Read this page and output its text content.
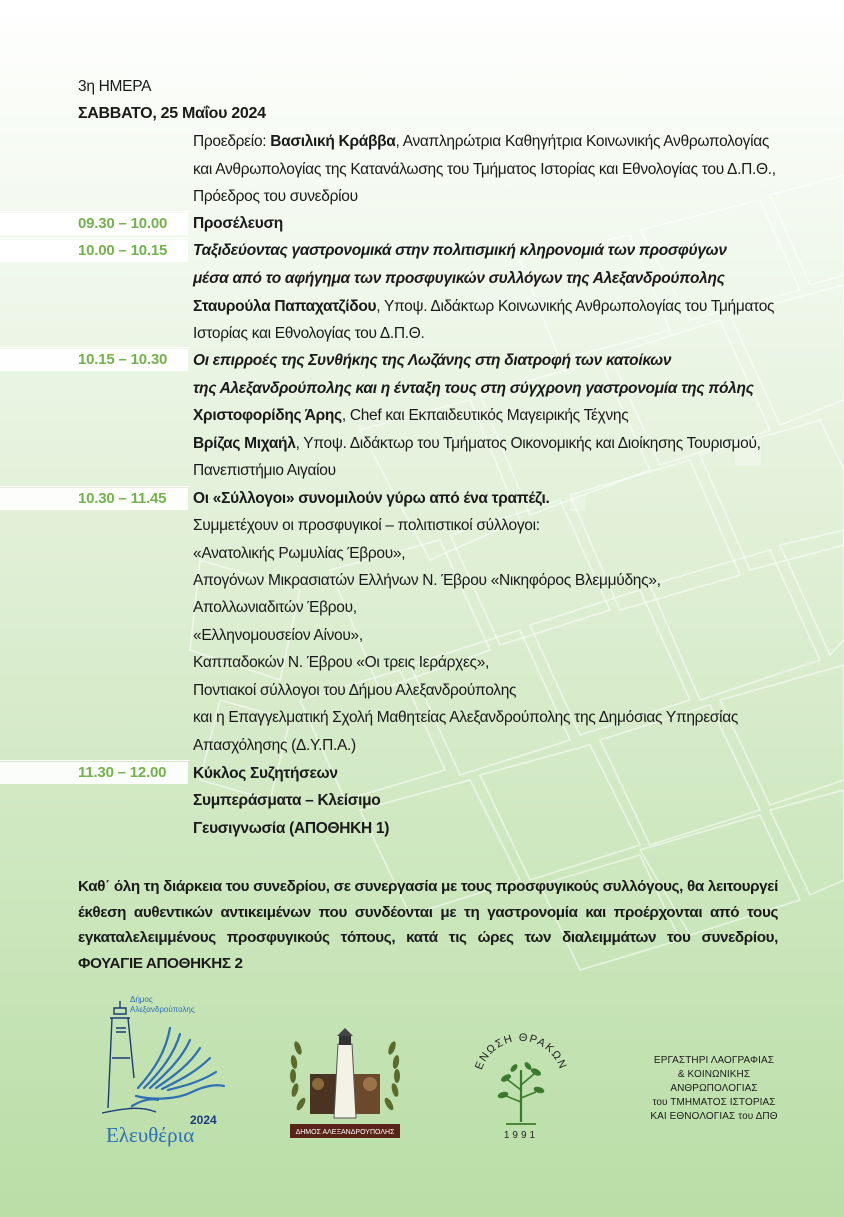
3η ΗΜΕΡΑ
ΣΑΒΒΑΤΟ, 25 Μαΐου 2024
Προεδρείο: Βασιλική Κράββα, Αναπληρώτρια Καθηγήτρια Κοινωνικής Ανθρωπολογίας
και Ανθρωπολογίας της Κατανάλωσης του Τμήματος Ιστορίας και Εθνολογίας του Δ.Π.Θ.,
Πρόεδρος του συνεδρίου
09.30 – 10.00 Προσέλευση
10.00 – 10.15 Ταξιδεύοντας γαστρονομικά στην πολιτισμική κληρονομιά των προσφύγων
μέσα από το αφήγημα των προσφυγικών συλλόγων της Αλεξανδρούπολης
Σταυρούλα Παπαχατζίδου, Υποψ. Διδάκτωρ Κοινωνικής Ανθρωπολογίας του Τμήματος
Ιστορίας και Εθνολογίας του Δ.Π.Θ.
10.15 – 10.30 Οι επιρροές της Συνθήκης της Λωζάνης στη διατροφή των κατοίκων
της Αλεξανδρούπολης και η ένταξη τους στη σύγχρονη γαστρονομία της πόλης
Χριστοφορίδης Άρης, Chef και Εκπαιδευτικός Μαγειρικής Τέχνης
Βρίζας Μιχαήλ, Υποψ. Διδάκτωρ του Τμήματος Οικονομικής και Διοίκησης Τουρισμού,
Πανεπιστήμιο Αιγαίου
10.30 – 11.45 Οι «Σύλλογοι» συνομιλούν γύρω από ένα τραπέζι.
Συμμετέχουν οι προσφυγικοί – πολιτιστικοί σύλλογοι:
«Ανατολικής Ρωμυλίας Έβρου»,
Απογόνων Μικρασιατών Ελλήνων Ν. Έβρου «Νικηφόρος Βλεμμύδης»,
Απολλωνιαδιτών Έβρου,
«Ελληνομουσείον Αίνου»,
Καππαδοκών Ν. Έβρου «Οι τρεις Ιεράρχες»,
Ποντιακοί σύλλογοι του Δήμου Αλεξανδρούπολης
και η Επαγγελματική Σχολή Μαθητείας Αλεξανδρούπολης της Δημόσιας Υπηρεσίας
Απασχόλησης (Δ.Υ.Π.Α.)
11.30 – 12.00 Κύκλος Συζητήσεων
Συμπεράσματα – Κλείσιμο
Γευσιγνωσία (ΑΠΟΘΗΚΗ 1)
Καθ΄ όλη τη διάρκεια του συνεδρίου, σε συνεργασία με τους προσφυγικούς συλλόγους, θα λειτουργεί έκθεση αυθεντικών αντικειμένων που συνδέονται με τη γαστρονομία και προέρχονται από τους εγκαταλελειμμένους προσφυγικούς τόπους, κατά τις ώρες των διαλειμμάτων του συνεδρίου, ΦΟΥΑΓΙΕ ΑΠΟΘΗΚΗΣ 2
Δήμος
Αλεξανδρούπολης
2024
Ελευθέρια	ΔΗΜΟΣ ΑΛΕΞΑΝΔΡΟΥΠΟΛΗΣ
ΕΝΩΣΗ ΘΡΑΚΩΝ
1991
ΕΡΓΑΣΤΗΡΙ ΛΑΟΓΡΑΦΙΑΣ
& ΚΟΙΝΩΝΙΚΗΣ ΑΝΘΡΩΠΟΛΟΓΙΑΣ
του ΤΜΗΜΑΤΟΣ ΙΣΤΟΡΙΑΣ
ΚΑΙ ΕΘΝΟΛΟΓΙΑΣ του ΔΠΘ
